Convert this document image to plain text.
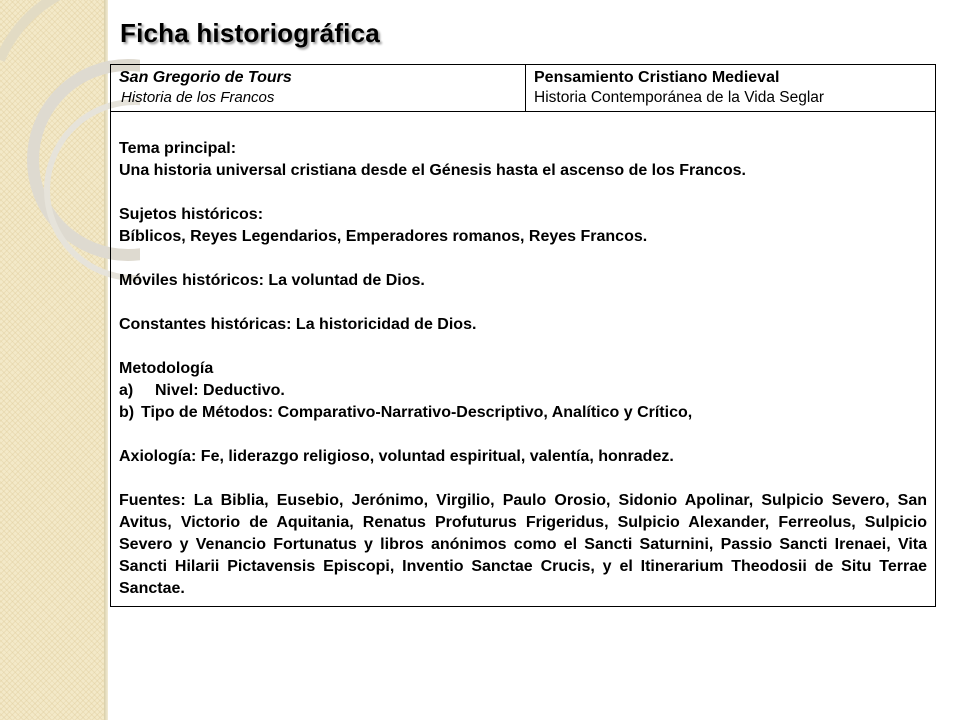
Ficha historiográfica
San Gregorio de Tours
Historia de los Francos

Pensamiento Cristiano Medieval
Historia Contemporánea de la Vida Seglar

Tema principal:
Una historia universal cristiana desde el Génesis hasta el ascenso de los Francos.
Sujetos históricos:
Bíblicos, Reyes Legendarios, Emperadores romanos, Reyes Francos.
Móviles históricos: La voluntad de Dios.
Constantes históricas: La historicidad de Dios.
Metodología
a)	Nivel: Deductivo.
b) Tipo de Métodos: Comparativo-Narrativo-Descriptivo, Analítico y Crítico,
Axiología: Fe, liderazgo religioso, voluntad espiritual, valentía, honradez.
Fuentes: La Biblia, Eusebio, Jerónimo, Virgilio, Paulo Orosio, Sidonio Apolinar, Sulpicio Severo, San Avitus, Victorio de Aquitania, Renatus Profuturus Frigeridus, Sulpicio Alexander, Ferreolus, Sulpicio Severo y Venancio Fortunatus y libros anónimos como el Sancti Saturnini, Passio Sancti Irenaei, Vita Sancti Hilarii Pictavensis Episcopi, Inventio Sanctae Crucis, y el Itinerarium Theodosii de Situ Terrae Sanctae.
